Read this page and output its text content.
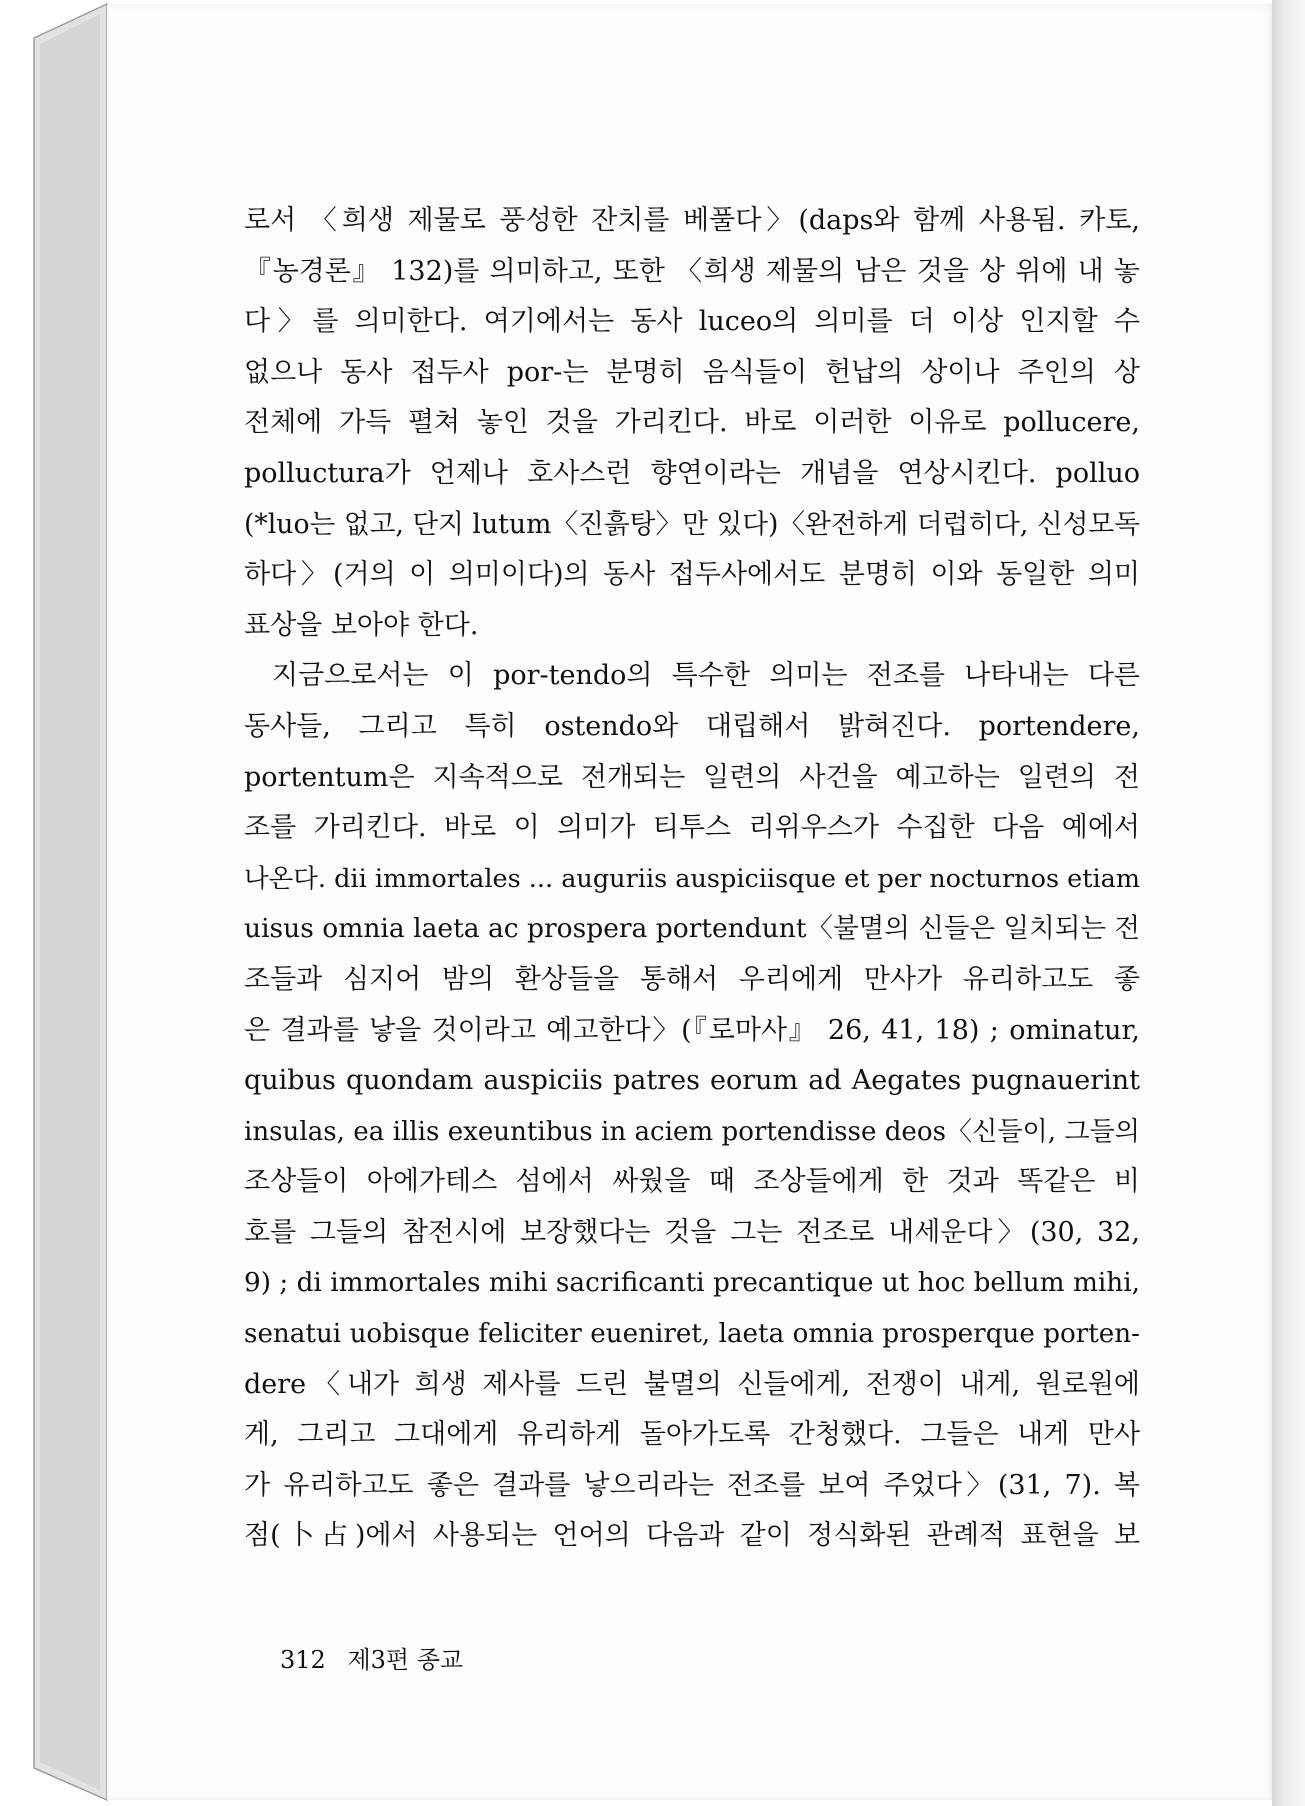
로서 〈희생 제물로 풍성한 잔치를 베풀다〉(daps와 함께 사용됨. 카토,
『농경론』 132)를 의미하고, 또한 〈희생 제물의 남은 것을 상 위에 내 놓
다〉를 의미한다. 여기에서는 동사 luceo의 의미를 더 이상 인지할 수
없으나 동사 접두사 por-는 분명히 음식들이 헌납의 상이나 주인의 상
전체에 가득 펼쳐 놓인 것을 가리킨다. 바로 이러한 이유로 pollucere,
polluctura가 언제나 호사스런 향연이라는 개념을 연상시킨다. polluo
(*luo는 없고, 단지 lutum〈진흙탕〉만 있다)〈완전하게 더럽히다, 신성모독
하다〉(거의 이 의미이다)의 동사 접두사에서도 분명히 이와 동일한 의미
표상을 보아야 한다.
지금으로서는 이 por-tendo의 특수한 의미는 전조를 나타내는 다른
동사들, 그리고 특히 ostendo와 대립해서 밝혀진다. portendere,
portentum은 지속적으로 전개되는 일련의 사건을 예고하는 일련의 전
조를 가리킨다. 바로 이 의미가 티투스 리위우스가 수집한 다음 예에서
나온다. dii immortales ... auguriis auspiciisque et per nocturnos etiam
uisus omnia laeta ac prospera portendunt〈불멸의 신들은 일치되는 전
조들과 심지어 밤의 환상들을 통해서 우리에게 만사가 유리하고도 좋
은 결과를 낳을 것이라고 예고한다〉(『로마사』 26, 41, 18) ; ominatur,
quibus quondam auspiciis patres eorum ad Aegates pugnauerint
insulas, ea illis exeuntibus in aciem portendisse deos〈신들이, 그들의
조상들이 아에가테스 섬에서 싸웠을 때 조상들에게 한 것과 똑같은 비
호를 그들의 참전시에 보장했다는 것을 그는 전조로 내세운다〉(30, 32,
9) ; di immortales mihi sacrificanti precantique ut hoc bellum mihi,
senatui uobisque feliciter eueniret, laeta omnia prosperque porten-
dere〈내가 희생 제사를 드린 불멸의 신들에게, 전쟁이 내게, 원로원에
게, 그리고 그대에게 유리하게 돌아가도록 간청했다. 그들은 내게 만사
가 유리하고도 좋은 결과를 낳으리라는 전조를 보여 주었다〉(31, 7). 복
점(卜占)에서 사용되는 언어의 다음과 같이 정식화된 관례적 표현을 보
312 제3편 종교
